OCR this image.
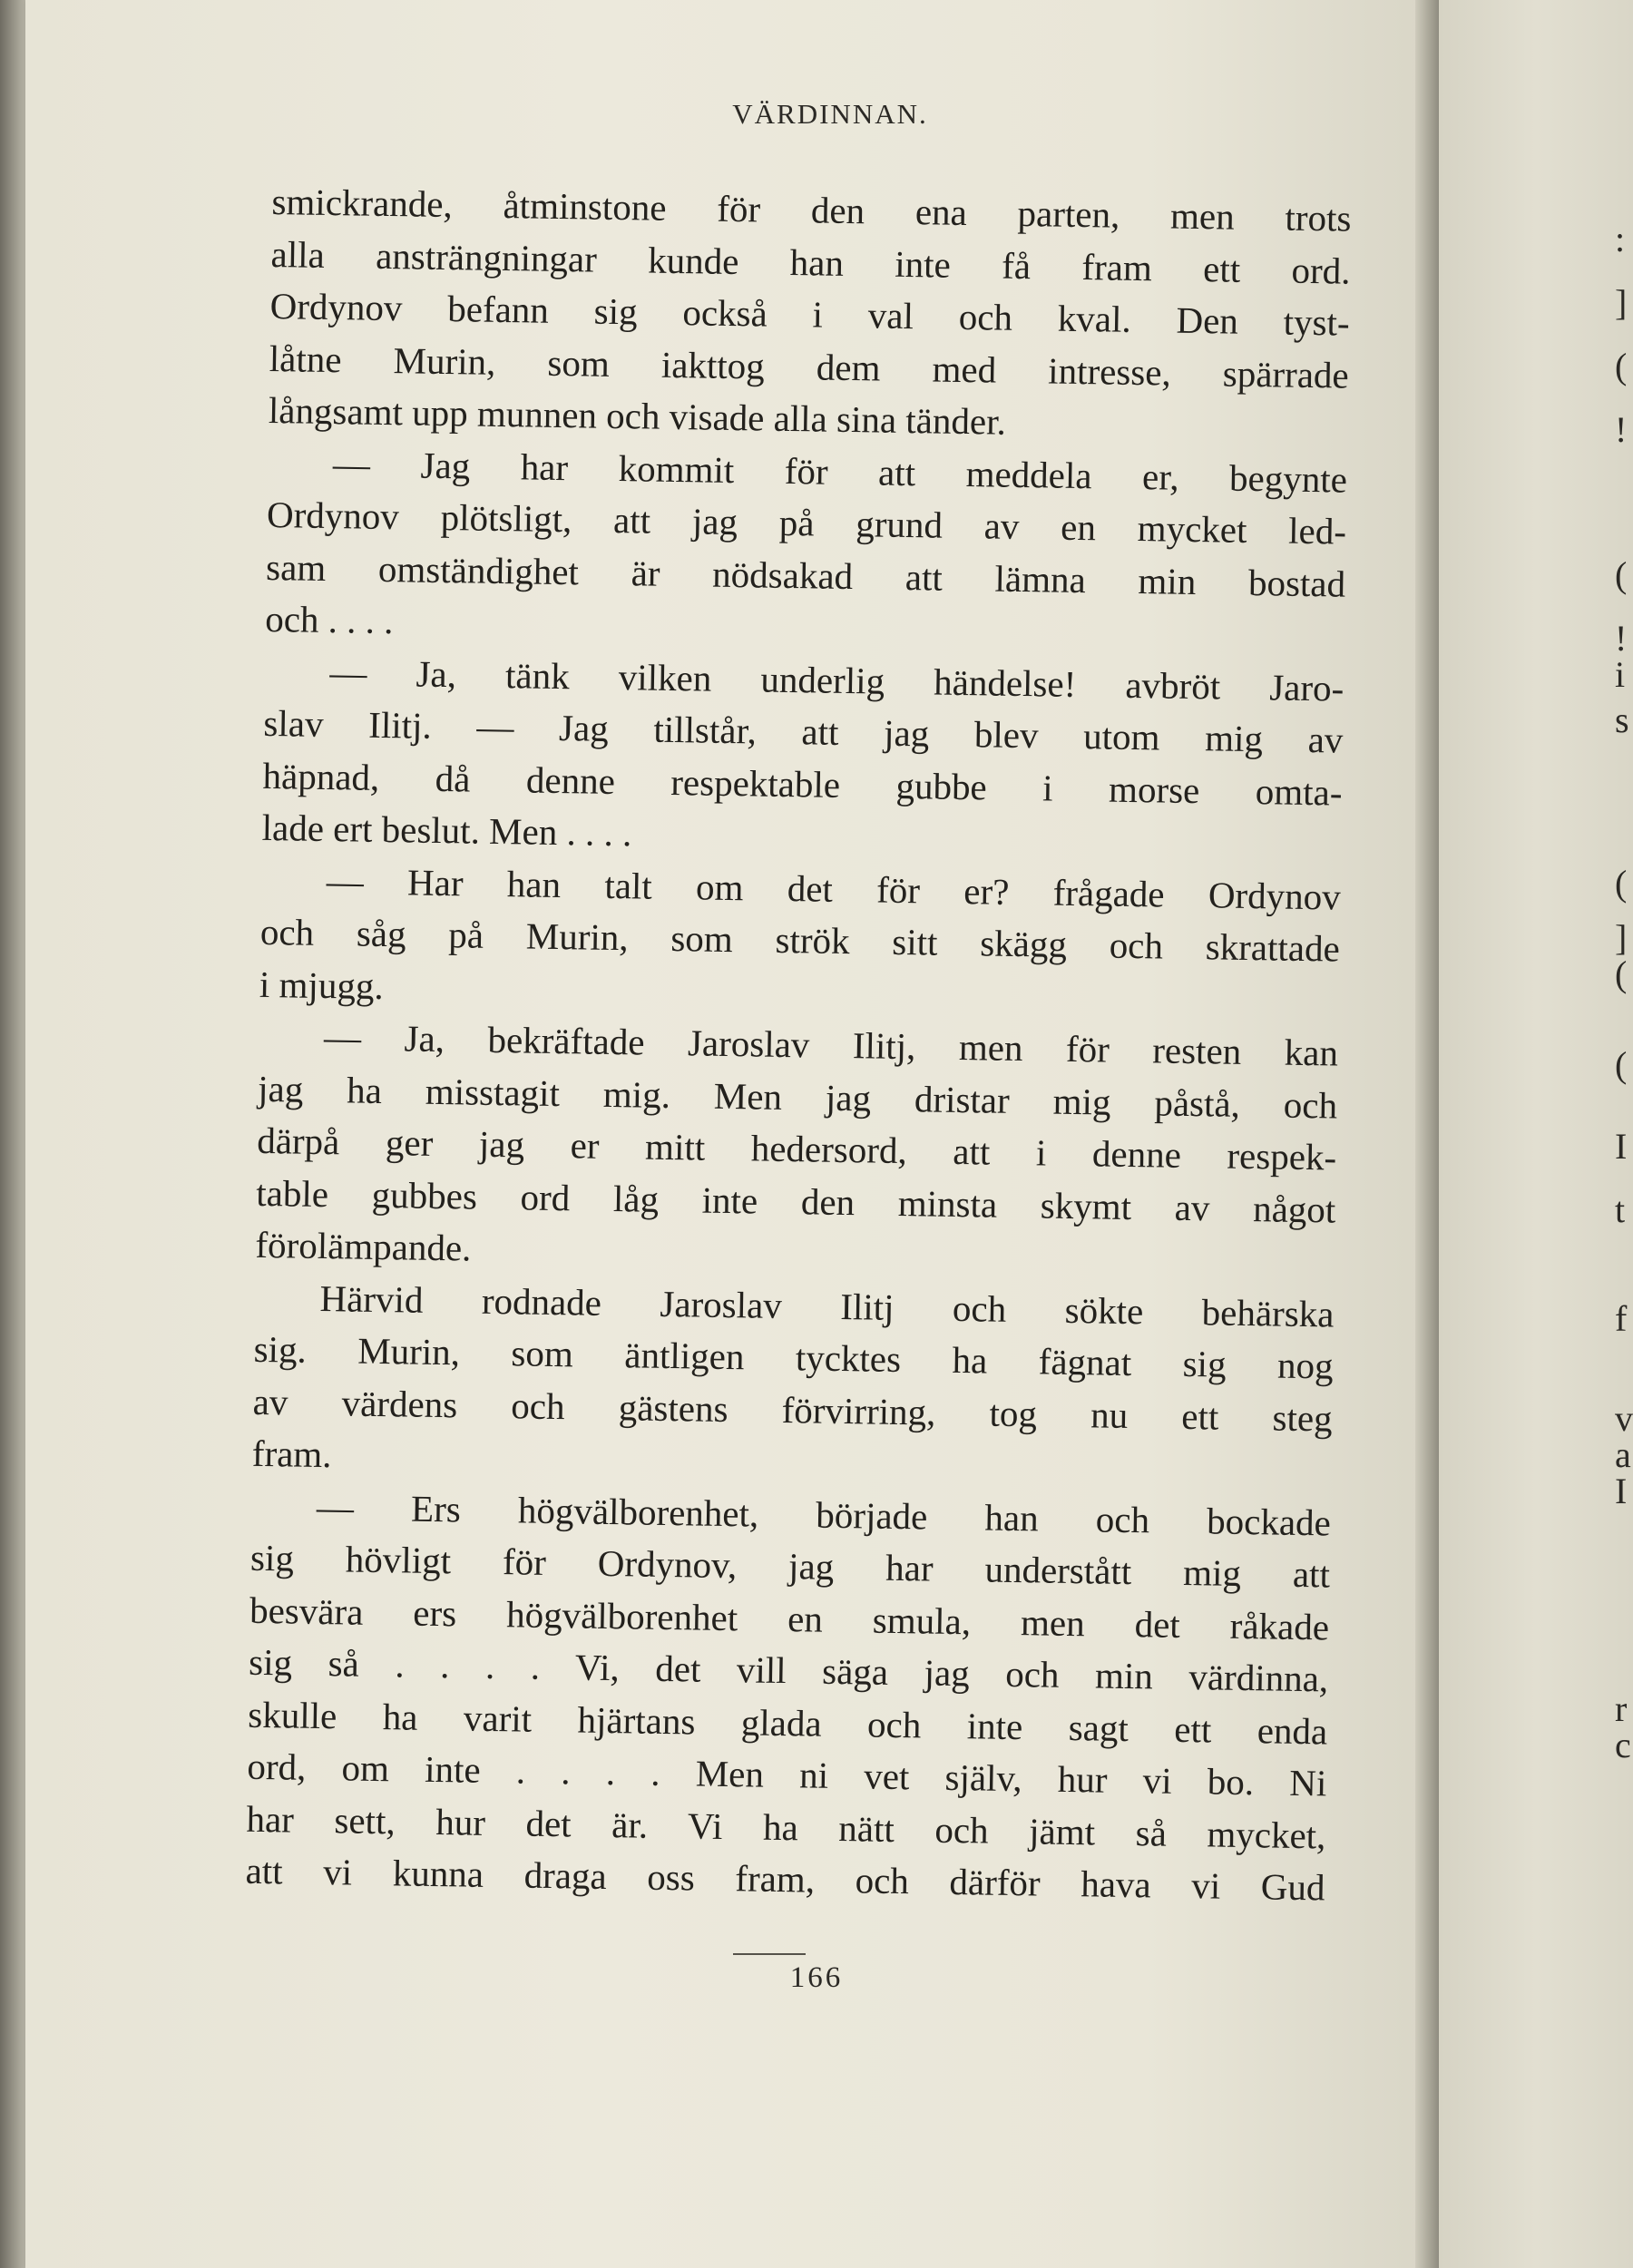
:
]
(
!
(
!
i
s
(
]
(
(
I
t
f
v
a
I
r
c
VÄRDINNAN.
smickrande, åtminstone för den ena parten, men trots
alla ansträngningar kunde han inte få fram ett ord.
Ordynov befann sig också i val och kval. Den tyst-
låtne Murin, som iakttog dem med intresse, spärrade
långsamt upp munnen och visade alla sina tänder.
— Jag har kommit för att meddela er, begynte
Ordynov plötsligt, att jag på grund av en mycket led-
sam omständighet är nödsakad att lämna min bostad
och . . . .
— Ja, tänk vilken underlig händelse! avbröt Jaro-
slav Ilitj. — Jag tillstår, att jag blev utom mig av
häpnad, då denne respektable gubbe i morse omta-
lade ert beslut. Men . . . .
— Har han talt om det för er? frågade Ordynov
och såg på Murin, som strök sitt skägg och skrattade
i mjugg.
— Ja, bekräftade Jaroslav Ilitj, men för resten kan
jag ha misstagit mig. Men jag dristar mig påstå, och
därpå ger jag er mitt hedersord, att i denne respek-
table gubbes ord låg inte den minsta skymt av något
förolämpande.
Härvid rodnade Jaroslav Ilitj och sökte behärska
sig. Murin, som äntligen tycktes ha fägnat sig nog
av värdens och gästens förvirring, tog nu ett steg
fram.
— Ers högvälborenhet, började han och bockade
sig hövligt för Ordynov, jag har understått mig att
besvära ers högvälborenhet en smula, men det råkade
sig så . . . . Vi, det vill säga jag och min värdinna,
skulle ha varit hjärtans glada och inte sagt ett enda
ord, om inte . . . . Men ni vet själv, hur vi bo. Ni
har sett, hur det är. Vi ha nätt och jämt så mycket,
att vi kunna draga oss fram, och därför hava vi Gud
166
